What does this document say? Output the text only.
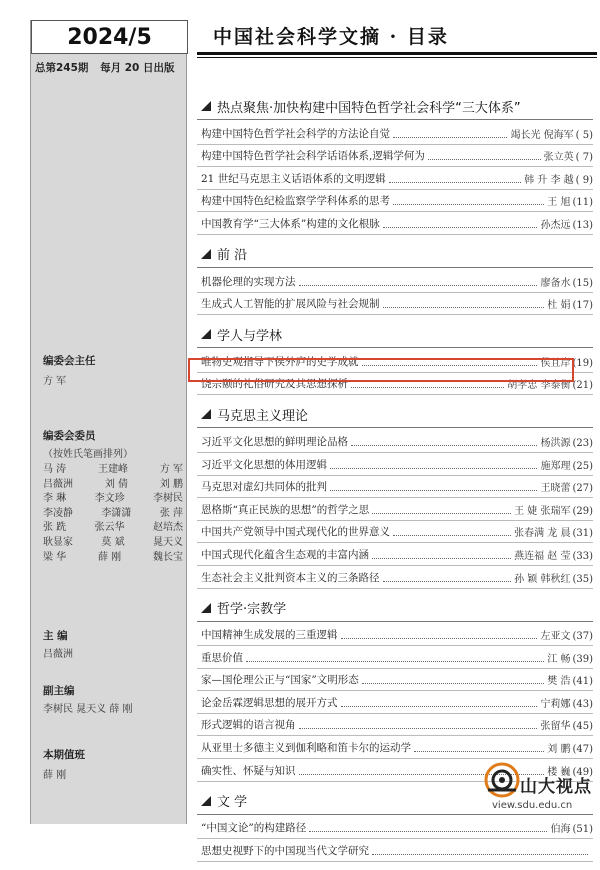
2024/5
总第245期 每月 20 日出版
编委会主任
方 军
编委会委员
（按姓氏笔画排列）
马 涛	王建峰	方 军
吕薇洲	刘 倩	刘 鹏
李 琳	李文珍	李树民
李凌静	李潇潇	张 萍
张 跣	张云华	赵培杰
耿显家	莫 斌	晁天义
梁 华	薛 刚	魏长宝
主 编
吕薇洲
副主编
李树民 晁天义 薛 刚
本期值班
薛 刚
中国社会科学文摘 · 目录
热点聚焦·加快构建中国特色哲学社会科学“三大体系”
构建中国特色哲学社会科学的方法论自觉	竭长光 倪海军 ( 5)
构建中国特色哲学社会科学话语体系,逻辑学何为	张立英 ( 7)
21 世纪马克思主义话语体系的文明逻辑	韩 升 李 越 ( 9)
构建中国特色纪检监察学学科体系的思考	王 旭 (11)
中国教育学“三大体系”构建的文化根脉	孙杰远 (13)
前 沿
机器伦理的实现方法	廖备水 (15)
生成式人工智能的扩展风险与社会规制	杜 娟 (17)
学人与学林
唯物史观指导下侯外庐的史学成就	侯且岸 (19)
饶宗颐的礼俗研究及其思想探析	胡孝忠 李泰衡 (21)
马克思主义理论
习近平文化思想的鲜明理论品格	杨洪源 (23)
习近平文化思想的体用逻辑	施郑理 (25)
马克思对虚幻共同体的批判	王晓蕾 (27)
恩格斯“真正民族的思想”的哲学之思	王 婕 张瑞军 (29)
中国共产党领导中国式现代化的世界意义	张春满 龙 晨 (31)
中国式现代化蕴含生态观的丰富内涵	燕连福 赵 莹 (33)
生态社会主义批判资本主义的三条路径	孙 颖 韩秋红 (35)
哲学·宗教学
中国精神生成发展的三重逻辑	左亚文 (37)
重思价值	江 畅 (39)
家—国伦理公正与“国家”文明形态	樊 浩 (41)
论金岳霖逻辑思想的展开方式	宁莉娜 (43)
形式逻辑的语言视角	张留华 (45)
从亚里士多德主义到伽利略和笛卡尔的运动学	刘 鹏 (47)
确实性、怀疑与知识	楼 巍 (49)
文 学
“中国文论”的构建路径	伯海 (51)
思想史视野下的中国现当代文学研究
山大视点
view.sdu.edu.cn
